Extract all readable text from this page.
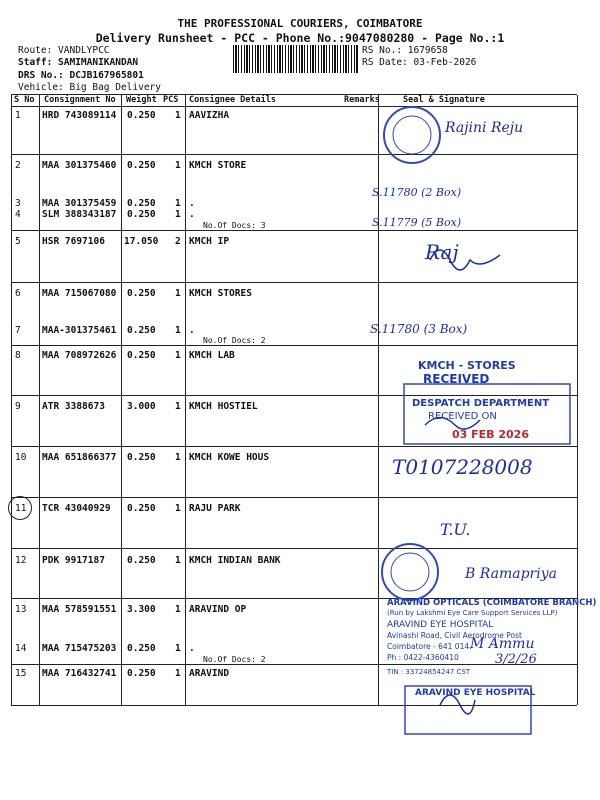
THE PROFESSIONAL COURIERS, COIMBATORE
Delivery Runsheet - PCC - Phone No.:9047080280 - Page No.:1
Route: VANDLYPCC
Staff: SAMIMANIKANDAN
DRS No.: DCJB167965801
Vehicle: Big Bag Delivery
RS No.: 1679658
RS Date: 03-Feb-2026
S No Consignment No Weight PCS Consignee Details	Remarks	Seal & Signature
1 HRD 743089114 0.250 1 AAVIZHA
2 MAA 301375460 0.250 1 KMCH STORE
3 MAA 301375459 0.250 1 .
4 SLM 388343187 0.250 1 .
No.Of Docs: 3
5 HSR 7697106 17.050 2 KMCH IP
6 MAA 715067080 0.250 1 KMCH STORES
7 MAA-301375461 0.250 1 .
No.Of Docs: 2
8 MAA 708972626 0.250 1 KMCH LAB
9 ATR 3388673 3.000 1 KMCH HOSTIEL
10 MAA 651866377 0.250 1 KMCH KOWE HOUS
11 TCR 43040929 0.250 1 RAJU PARK
12 PDK 9917187 0.250 1 KMCH INDIAN BANK
13 MAA 578591551 3.300 1 ARAVIND OP
14 MAA 715475203 0.250 1 .
No.Of Docs: 2
15 MAA 716432741 0.250 1 ARAVIND
Rajini Reju
S.11780 (2 Box)
S.11779 (5 Box)
Raj
S.11780 (3 Box)
KMCH - STORES
RECEIVED
DESPATCH DEPARTMENT
RECEIVED ON
03 FEB 2026
T0107228008
T.U.
B Ramapriya
ARAVIND OPTICALS (COIMBATORE BRANCH)
(Run by Lakshmi Eye Care Support Services LLP)
ARAVIND EYE HOSPITAL
Avinashi Road, Civil Aerodrome Post
Coimbatore - 641 014.
Ph : 0422-4360410
TIN : 33724854247 CST
M Ammu
3/2/26
ARAVIND EYE HOSPITAL
